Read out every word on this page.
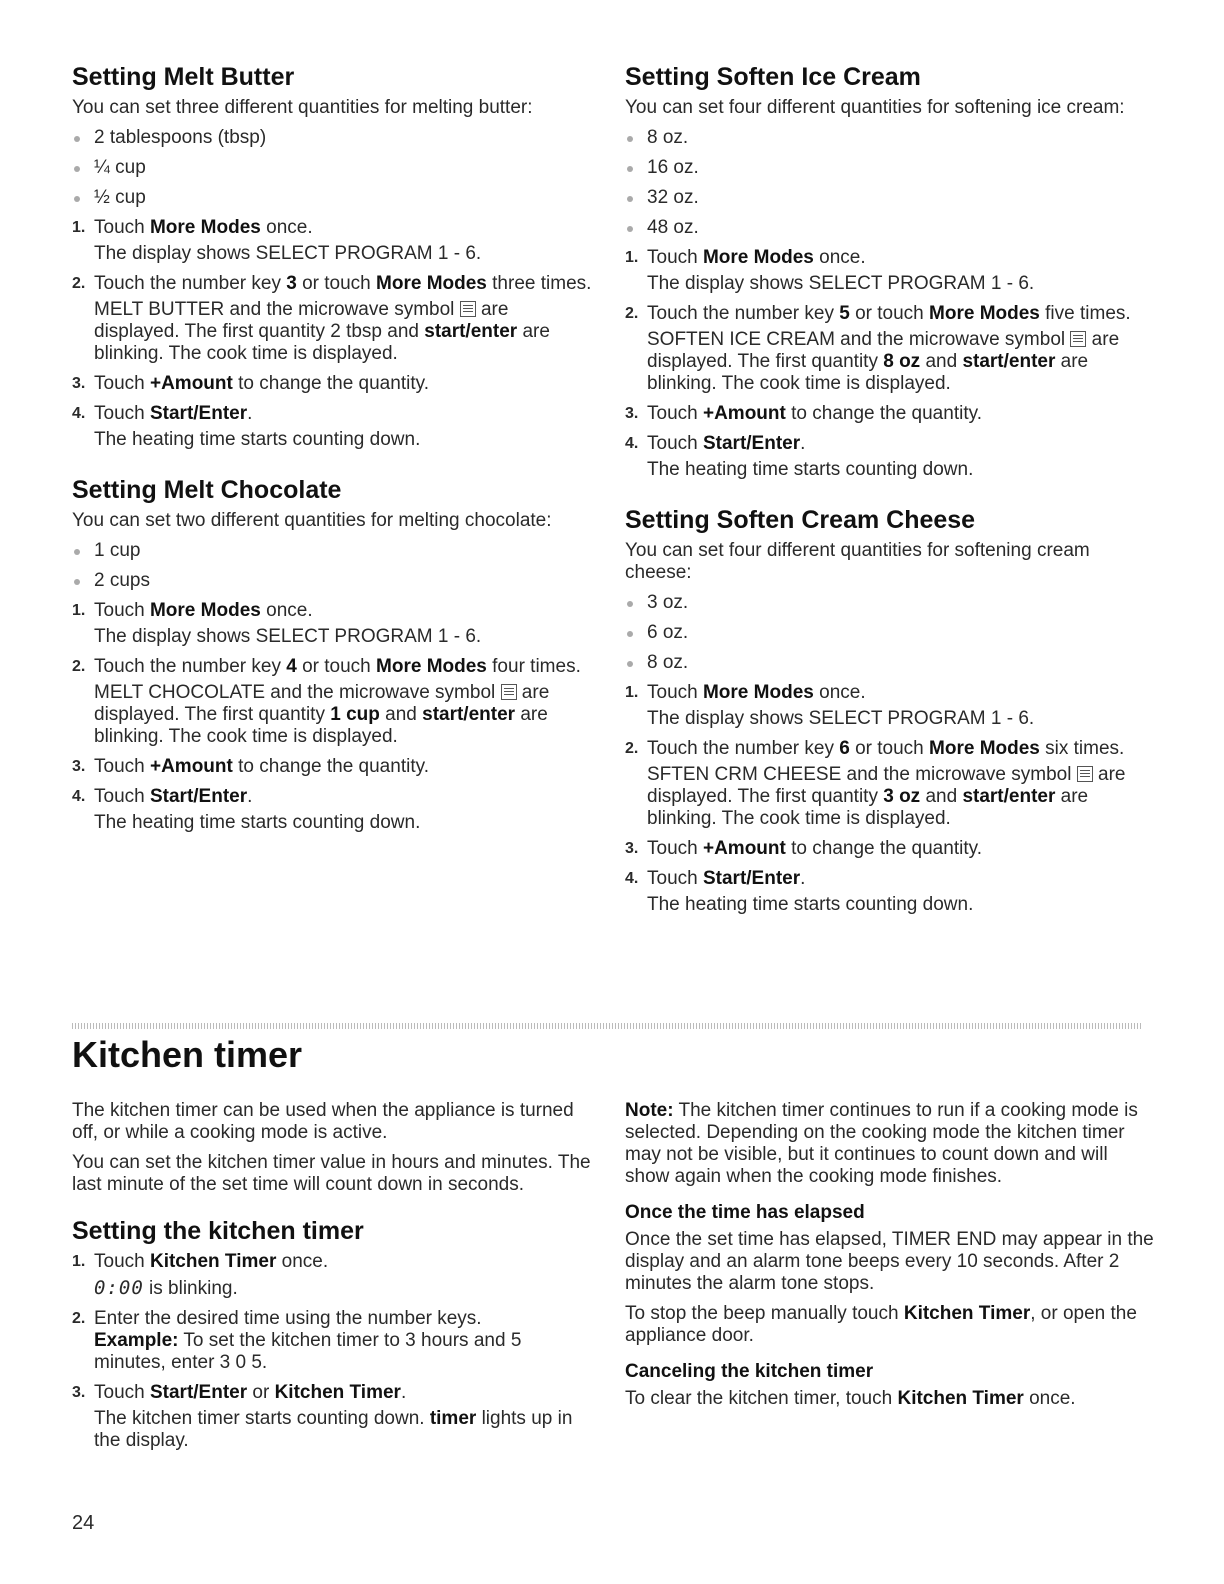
Setting Melt Butter

You can set three different quantities for melting butter:

2 tablespoons (tbsp)
¼ cup
½ cup
1. Touch More Modes once.
The display shows SELECT PROGRAM 1 - 6.
2. Touch the number key 3 or touch More Modes three times.
MELT BUTTER and the microwave symbol  are displayed. The first quantity 2 tbsp and start/enter are blinking. The cook time is displayed.
3. Touch +Amount to change the quantity.
4. Touch Start/Enter.
The heating time starts counting down.
Setting Melt Chocolate

You can set two different quantities for melting chocolate:

1 cup
2 cups
1. Touch More Modes once.
The display shows SELECT PROGRAM 1 - 6.
2. Touch the number key 4 or touch More Modes four times.
MELT CHOCOLATE and the microwave symbol  are displayed. The first quantity 1 cup and start/enter are blinking. The cook time is displayed.
3. Touch +Amount to change the quantity.
4. Touch Start/Enter.
The heating time starts counting down.
Setting Soften Ice Cream

You can set four different quantities for softening ice cream:

8 oz.
16 oz.
32 oz.
48 oz.
1. Touch More Modes once.
The display shows SELECT PROGRAM 1 - 6.
2. Touch the number key 5 or touch More Modes five times.
SOFTEN ICE CREAM and the microwave symbol  are displayed. The first quantity 8 oz and start/enter are blinking. The cook time is displayed.
3. Touch +Amount to change the quantity.
4. Touch Start/Enter.
The heating time starts counting down.
Setting Soften Cream Cheese

You can set four different quantities for softening cream cheese:

3 oz.
6 oz.
8 oz.
1. Touch More Modes once.
The display shows SELECT PROGRAM 1 - 6.
2. Touch the number key 6 or touch More Modes six times.
SFTEN CRM CHEESE and the microwave symbol  are displayed. The first quantity 3 oz and start/enter are blinking. The cook time is displayed.
3. Touch +Amount to change the quantity.
4. Touch Start/Enter.
The heating time starts counting down.
Kitchen timer

The kitchen timer can be used when the appliance is turned off, or while a cooking mode is active.

You can set the kitchen timer value in hours and minutes. The last minute of the set time will count down in seconds.

Setting the kitchen timer
1. Touch Kitchen Timer once.
0:00 is blinking.
2. Enter the desired time using the number keys.
Example: To set the kitchen timer to 3 hours and 5 minutes, enter 3 0 5.
3. Touch Start/Enter or Kitchen Timer.
The kitchen timer starts counting down. timer lights up in the display.

Note: The kitchen timer continues to run if a cooking mode is selected. Depending on the cooking mode the kitchen timer may not be visible, but it continues to count down and will show again when the cooking mode finishes.

Once the time has elapsed

Once the set time has elapsed, TIMER END may appear in the display and an alarm tone beeps every 10 seconds. After 2 minutes the alarm tone stops.

To stop the beep manually touch Kitchen Timer, or open the appliance door.

Canceling the kitchen timer

To clear the kitchen timer, touch Kitchen Timer once.

24
